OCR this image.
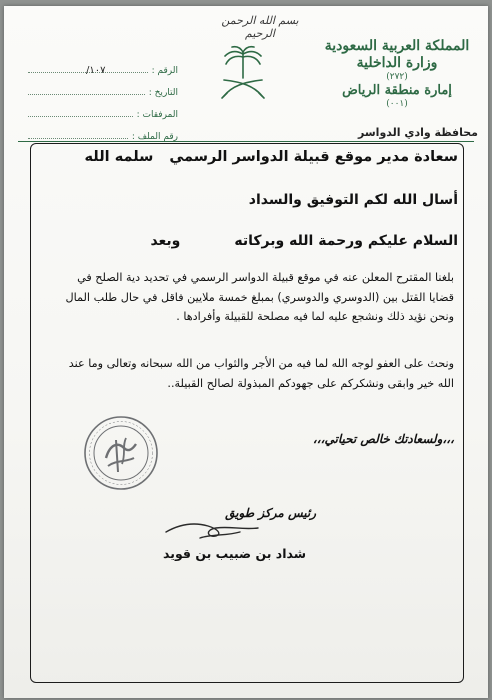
بسم الله الرحمن الرحيم
المملكة العربية السعودية
وزارة الداخلية
(٢٧٢)
إمارة منطقة الرياض
(٠٠١)
محافظة وادي الدواسر
الرقم :
١٠٧/
التاريخ :
المرفقات :
رقم الملف :
سعادة مدير موقع قبيلة الدواسر الرسميسلمه الله
أسال الله لكم التوفيق والسداد
السلام عليكم ورحمة الله وبركاتهوبعد
بلغنا المقترح المعلن عنه في موقع قبيلة الدواسر الرسمي في تحديد دية الصلح في قضايا القتل بين (الدوسري والدوسري) بمبلغ خمسة ملايين فاقل في حال طلب المال ونحن نؤيد ذلك ونشجع عليه لما فيه مصلحة للقبيلة وأفرادها .
ونحث على العفو لوجه الله لما فيه من الأجر والثواب من الله سبحانه وتعالى وما عند الله خير وابقى ونشكركم على جهودكم المبذولة لصالح القبيلة..
،،،ولسعادتك خالص تحياتي،،،
رئيس مركز طويق
شداد بن ضبيب بن قويد
